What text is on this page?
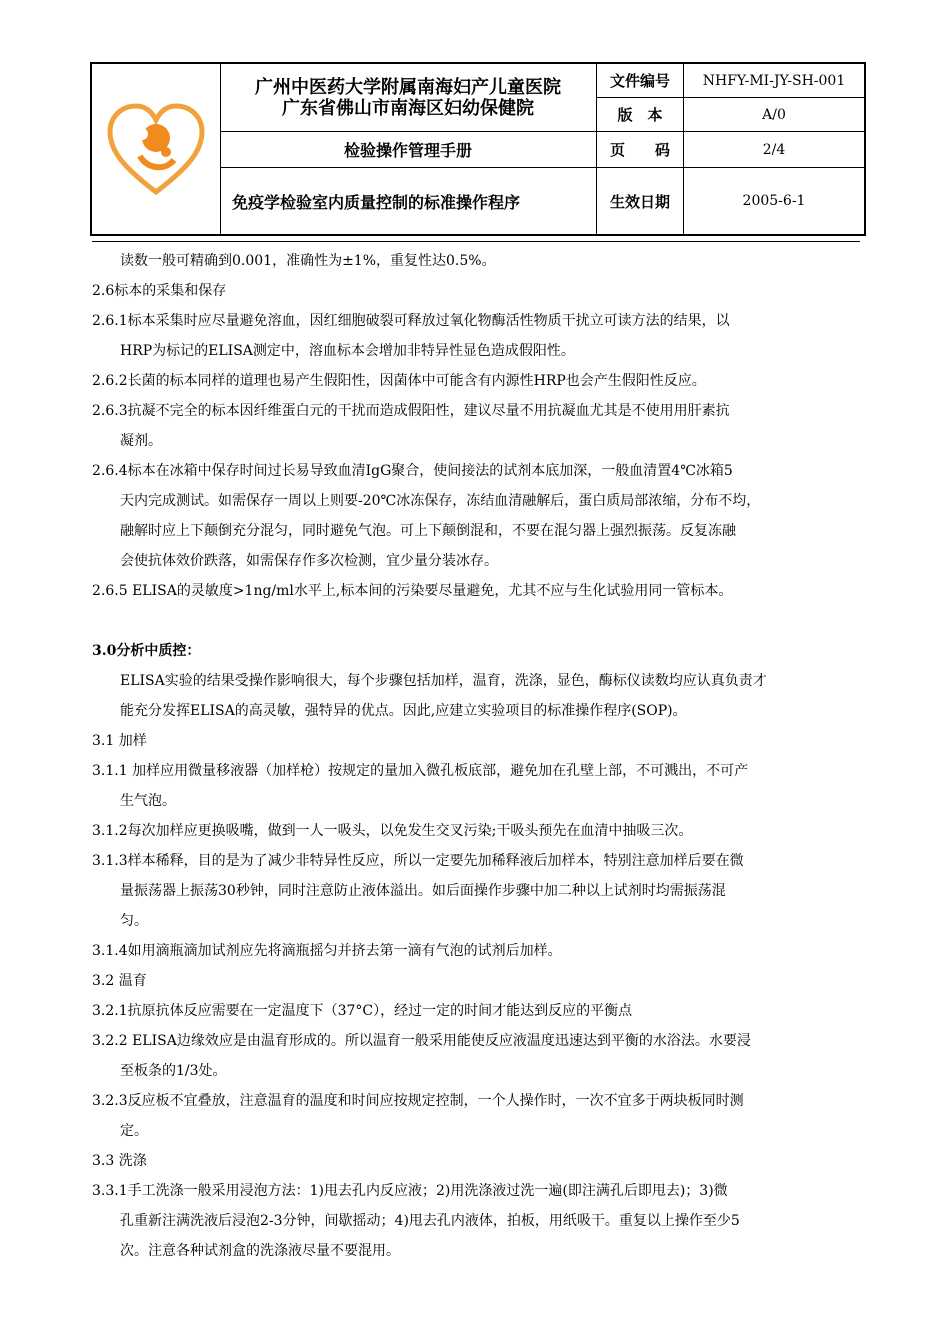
广州中医药大学附属南海妇产儿童医院
广东省佛山市南海区妇幼保健院
检验操作管理手册
免疫学检验室内质量控制的标准操作程序
文件编号	NHFY-MI-JY-SH-001
版　本	A/0
页　　码	2/4
生效日期	2005-6-1

读数一般可精确到0.001，准确性为±1%，重复性达0.5%。

2.6标本的采集和保存

2.6.1标本采集时应尽量避免溶血，因红细胞破裂可释放过氧化物酶活性物质干扰立可读方法的结果，以

HRP为标记的ELISA测定中，溶血标本会增加非特异性显色造成假阳性。

2.6.2长菌的标本同样的道理也易产生假阳性，因菌体中可能含有内源性HRP也会产生假阳性反应。

2.6.3抗凝不完全的标本因纤维蛋白元的干扰而造成假阳性，建议尽量不用抗凝血尤其是不使用用肝素抗

凝剂。

2.6.4标本在冰箱中保存时间过长易导致血清IgG聚合，使间接法的试剂本底加深，一般血清置4℃冰箱5

天内完成测试。如需保存一周以上则要-20℃冰冻保存，冻结血清融解后，蛋白质局部浓缩，分布不均，

融解时应上下颠倒充分混匀，同时避免气泡。可上下颠倒混和，不要在混匀器上强烈振荡。反复冻融

会使抗体效价跌落，如需保存作多次检测，宜少量分装冰存。

2.6.5 ELISA的灵敏度>1ng/ml水平上,标本间的污染要尽量避免，尤其不应与生化试验用同一管标本。

3.0分析中质控：

ELISA实验的结果受操作影响很大，每个步骤包括加样，温育，洗涤，显色，酶标仪读数均应认真负责才

能充分发挥ELISA的高灵敏，强特异的优点。因此,应建立实验项目的标准操作程序(SOP)。

3.1 加样

3.1.1 加样应用微量移液器（加样枪）按规定的量加入微孔板底部，避免加在孔壁上部，不可溅出，不可产

生气泡。

3.1.2每次加样应更换吸嘴，做到一人一吸头，以免发生交叉污染;干吸头预先在血清中抽吸三次。

3.1.3样本稀释，目的是为了减少非特异性反应，所以一定要先加稀释液后加样本，特别注意加样后要在微

量振荡器上振荡30秒钟，同时注意防止液体溢出。如后面操作步骤中加二种以上试剂时均需振荡混

匀。

3.1.4如用滴瓶滴加试剂应先将滴瓶摇匀并挤去第一滴有气泡的试剂后加样。

3.2 温育

3.2.1抗原抗体反应需要在一定温度下（37°C），经过一定的时间才能达到反应的平衡点

3.2.2 ELISA边缘效应是由温育形成的。所以温育一般采用能使反应液温度迅速达到平衡的水浴法。水要浸

至板条的1/3处。

3.2.3反应板不宜叠放，注意温育的温度和时间应按规定控制，一个人操作时，一次不宜多于两块板同时测

定。

3.3 洗涤

3.3.1手工洗涤一般采用浸泡方法：1)甩去孔内反应液；2)用洗涤液过洗一遍(即注满孔后即甩去)；3)微

孔重新注满洗液后浸泡2-3分钟，间歇摇动；4)甩去孔内液体，拍板，用纸吸干。重复以上操作至少5

次。注意各种试剂盒的洗涤液尽量不要混用。
